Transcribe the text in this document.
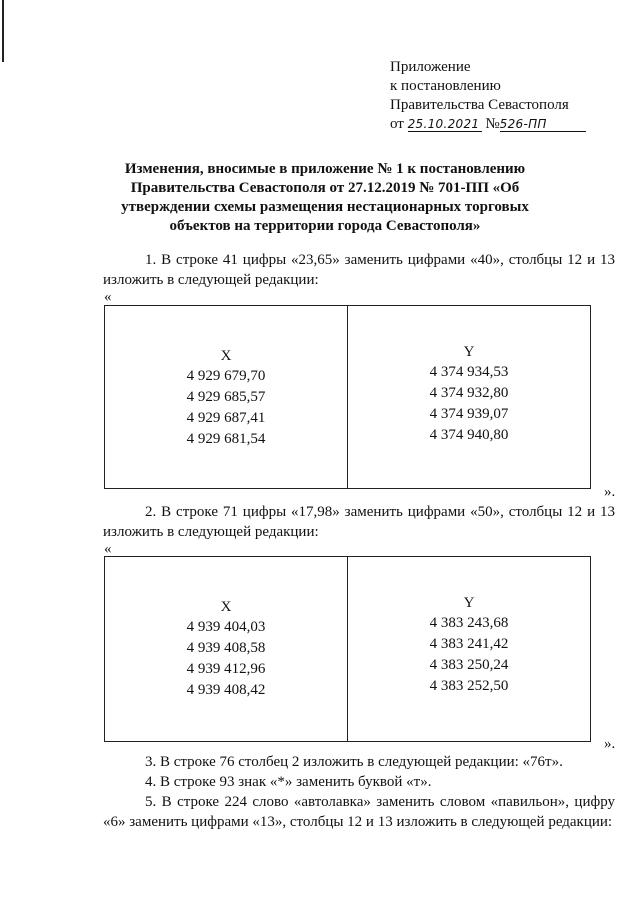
Приложение
к постановлению
Правительства Севастополя
от 25.10.2021 №526-ПП
Изменения, вносимые в приложение № 1 к постановлению Правительства Севастополя от 27.12.2019 № 701-ПП «Об утверждении схемы размещения нестационарных торговых объектов на территории города Севастополя»
1. В строке 41 цифры «23,65» заменить цифрами «40», столбцы 12 и 13 изложить в следующей редакции:
«
X
4 929 679,70
4 929 685,57
4 929 687,41
4 929 681,54
Y
4 374 934,53
4 374 932,80
4 374 939,07
4 374 940,80
».
2. В строке 71 цифры «17,98» заменить цифрами «50», столбцы 12 и 13 изложить в следующей редакции:
«
X
4 939 404,03
4 939 408,58
4 939 412,96
4 939 408,42
Y
4 383 243,68
4 383 241,42
4 383 250,24
4 383 252,50
».
3. В строке 76 столбец 2 изложить в следующей редакции: «76т».
4. В строке 93 знак «*» заменить буквой «т».
5. В строке 224 слово «автолавка» заменить словом «павильон», цифру «6» заменить цифрами «13», столбцы 12 и 13 изложить в следующей редакции:
